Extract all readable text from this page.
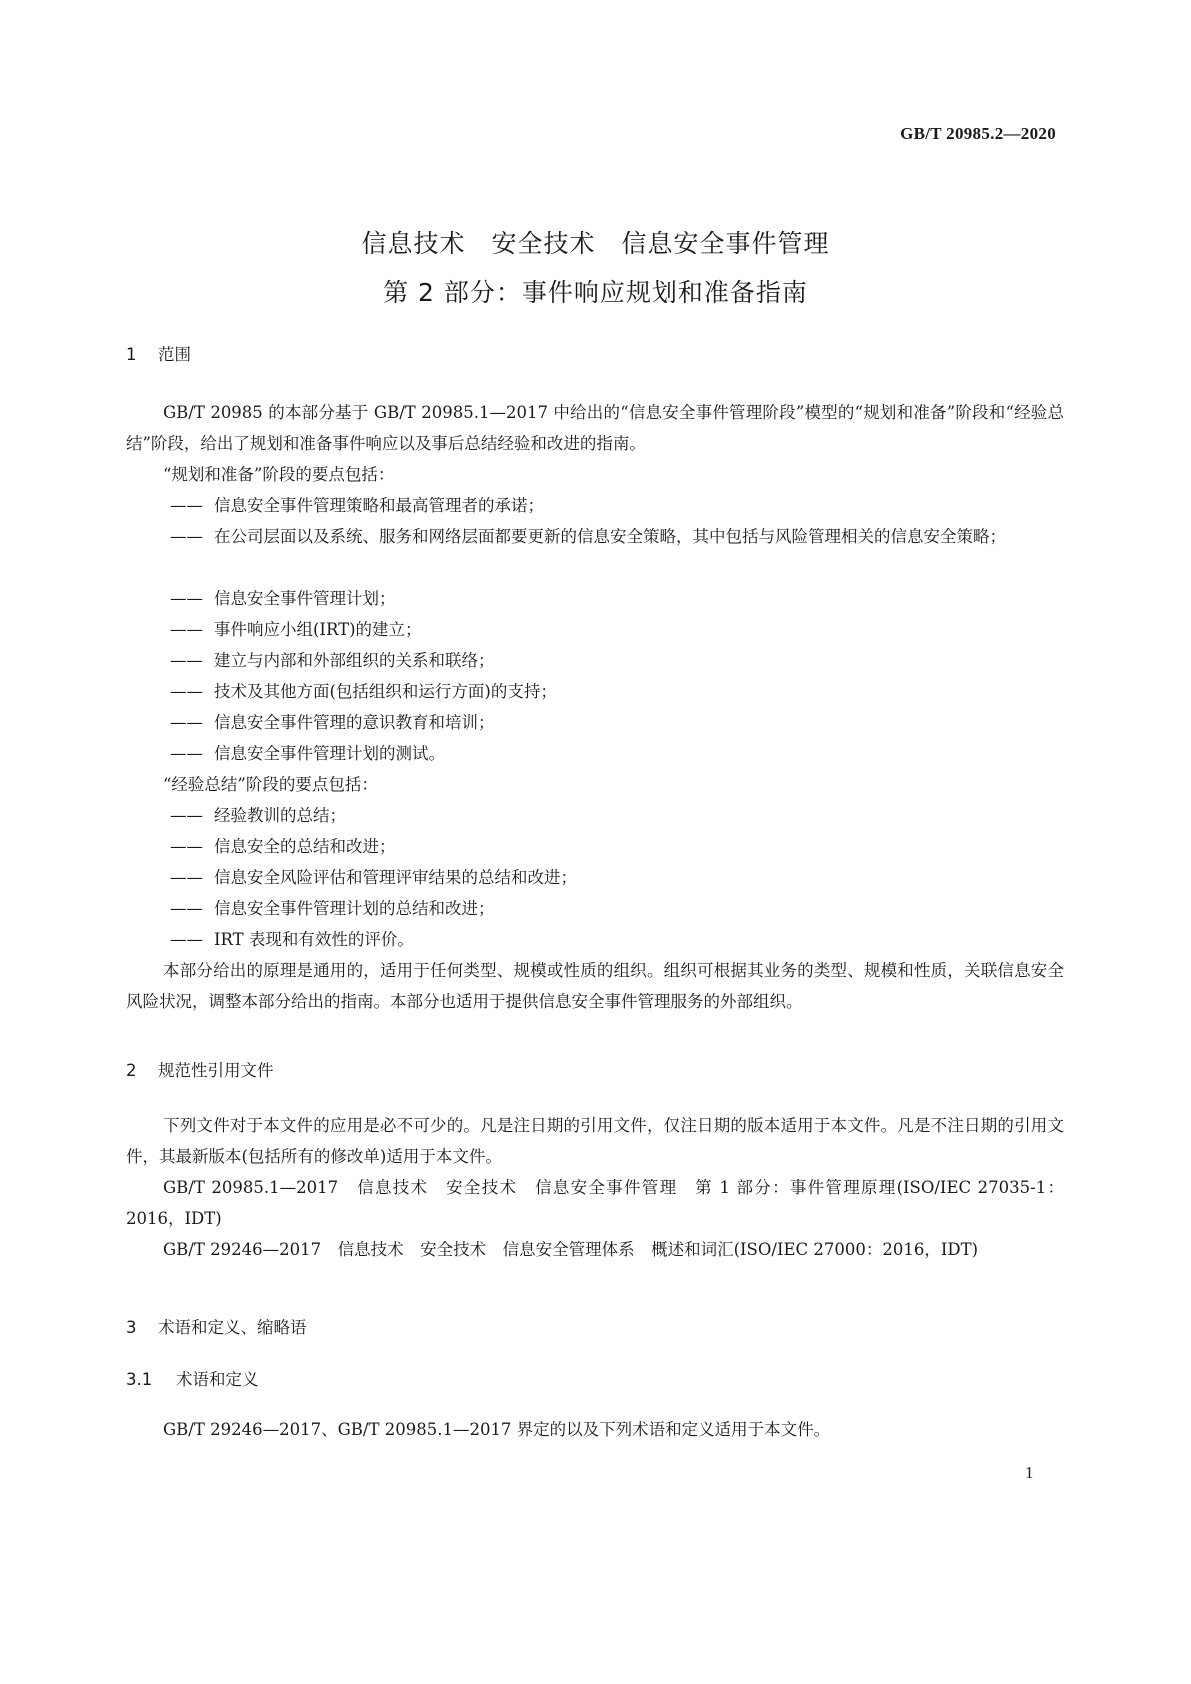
GB/T 20985.2—2020
信息技术　安全技术　信息安全事件管理
第 2 部分：事件响应规划和准备指南
1 范围

GB/T 20985 的本部分基于 GB/T 20985.1—2017 中给出的“信息安全事件管理阶段”模型的“规划和准备”阶段和“经验总结”阶段，给出了规划和准备事件响应以及事后总结经验和改进的指南。

“规划和准备”阶段的要点包括：
—— 信息安全事件管理策略和最高管理者的承诺；
—— 在公司层面以及系统、服务和网络层面都要更新的信息安全策略，其中包括与风险管理相关的信息安全策略；
—— 信息安全事件管理计划；
—— 事件响应小组(IRT)的建立；
—— 建立与内部和外部组织的关系和联络；
—— 技术及其他方面(包括组织和运行方面)的支持；
—— 信息安全事件管理的意识教育和培训；
—— 信息安全事件管理计划的测试。
“经验总结”阶段的要点包括：
—— 经验教训的总结；
—— 信息安全的总结和改进；
—— 信息安全风险评估和管理评审结果的总结和改进；
—— 信息安全事件管理计划的总结和改进；
—— IRT 表现和有效性的评价。

本部分给出的原理是通用的，适用于任何类型、规模或性质的组织。组织可根据其业务的类型、规模和性质，关联信息安全风险状况，调整本部分给出的指南。本部分也适用于提供信息安全事件管理服务的外部组织。

2 规范性引用文件

下列文件对于本文件的应用是必不可少的。凡是注日期的引用文件，仅注日期的版本适用于本文件。凡是不注日期的引用文件，其最新版本(包括所有的修改单)适用于本文件。

GB/T 20985.1—2017　信息技术　安全技术　信息安全事件管理　第 1 部分：事件管理原理(ISO/IEC 27035-1：2016，IDT)

GB/T 29246—2017　信息技术　安全技术　信息安全管理体系　概述和词汇(ISO/IEC 27000：2016，IDT)

3 术语和定义、缩略语
3.1 术语和定义
GB/T 29246—2017、GB/T 20985.1—2017 界定的以及下列术语和定义适用于本文件。
1
